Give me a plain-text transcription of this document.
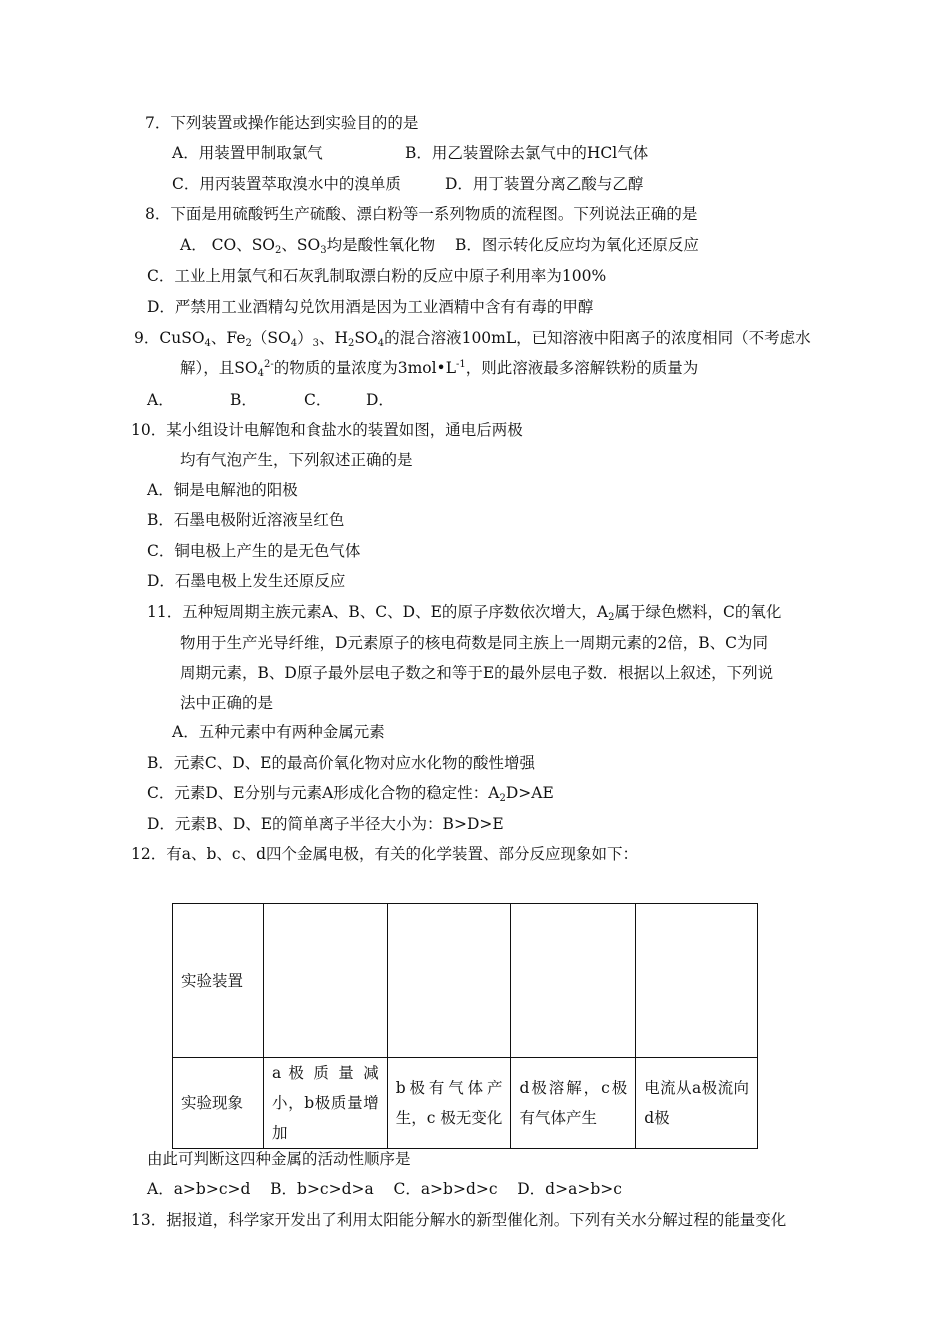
7．下列装置或操作能达到实验目的的是
A．用装置甲制取氯气	B．用乙装置除去氯气中的HCl气体
C．用丙装置萃取溴水中的溴单质	D．用丁装置分离乙酸与乙醇
8．下面是用硫酸钙生产硫酸、漂白粉等一系列物质的流程图。下列说法正确的是
A． CO、$SO_2$、$SO_3$均是酸性氧化物 B．图示转化反应均为氧化还原反应
C．工业上用氯气和石灰乳制取漂白粉的反应中原子利用率为100%
D．严禁用工业酒精勾兑饮用酒是因为工业酒精中含有有毒的甲醇
9．CuSO$_4$、$Fe_2(SO_4)_3$、$H_2SO_4$的混合溶液100mL，已知溶液中阳离子的浓度相同（不考虑水
解），且$SO_4^{2-}$的物质的量浓度为$3mol•L^{-1}$，则此溶液最多溶解铁粉的质量为
A．	B．	C． D．
10．某小组设计电解饱和食盐水的装置如图，通电后两极
均有气泡产生，下列叙述正确的是
A．铜是电解池的阳极
B．石墨电极附近溶液呈红色
C．铜电极上产生的是无色气体
D．石墨电极上发生还原反应
11．五种短周期主族元素A、B、C、D、E的原子序数依次增大，$A_2$属于绿色燃料，C的氧化
物用于生产光导纤维，D元素原子的核电荷数是同主族上一周期元素的2倍，B、C为同
周期元素，B、D原子最外层电子数之和等于E的最外层电子数．根据以上叙述，下列说
法中正确的是
A．五种元素中有两种金属元素
B．元素C、D、E的最高价氧化物对应水化物的酸性增强
C．元素D、E分别与元素A形成化合物的稳定性：$A_2D>AE$
D．元素B、D、E的简单离子半径大小为：B>D>E
12．有a、b、c、d四个金属电极，有关的化学装置、部分反应现象如下：
实验装置				
实验现象	a 极 质 量 减 小，b极质量增加	b极有气体产生，c 极无变化	d极溶解，c极有气体产生	电流从a极流向d极
由此可判断这四种金属的活动性顺序是
A．a>b>c>d    B．b>c>d>a    C．a>b>d>c    D．d>a>b>c
13．据报道，科学家开发出了利用太阳能分解水的新型催化剂。下列有关水分解过程的能量变化
